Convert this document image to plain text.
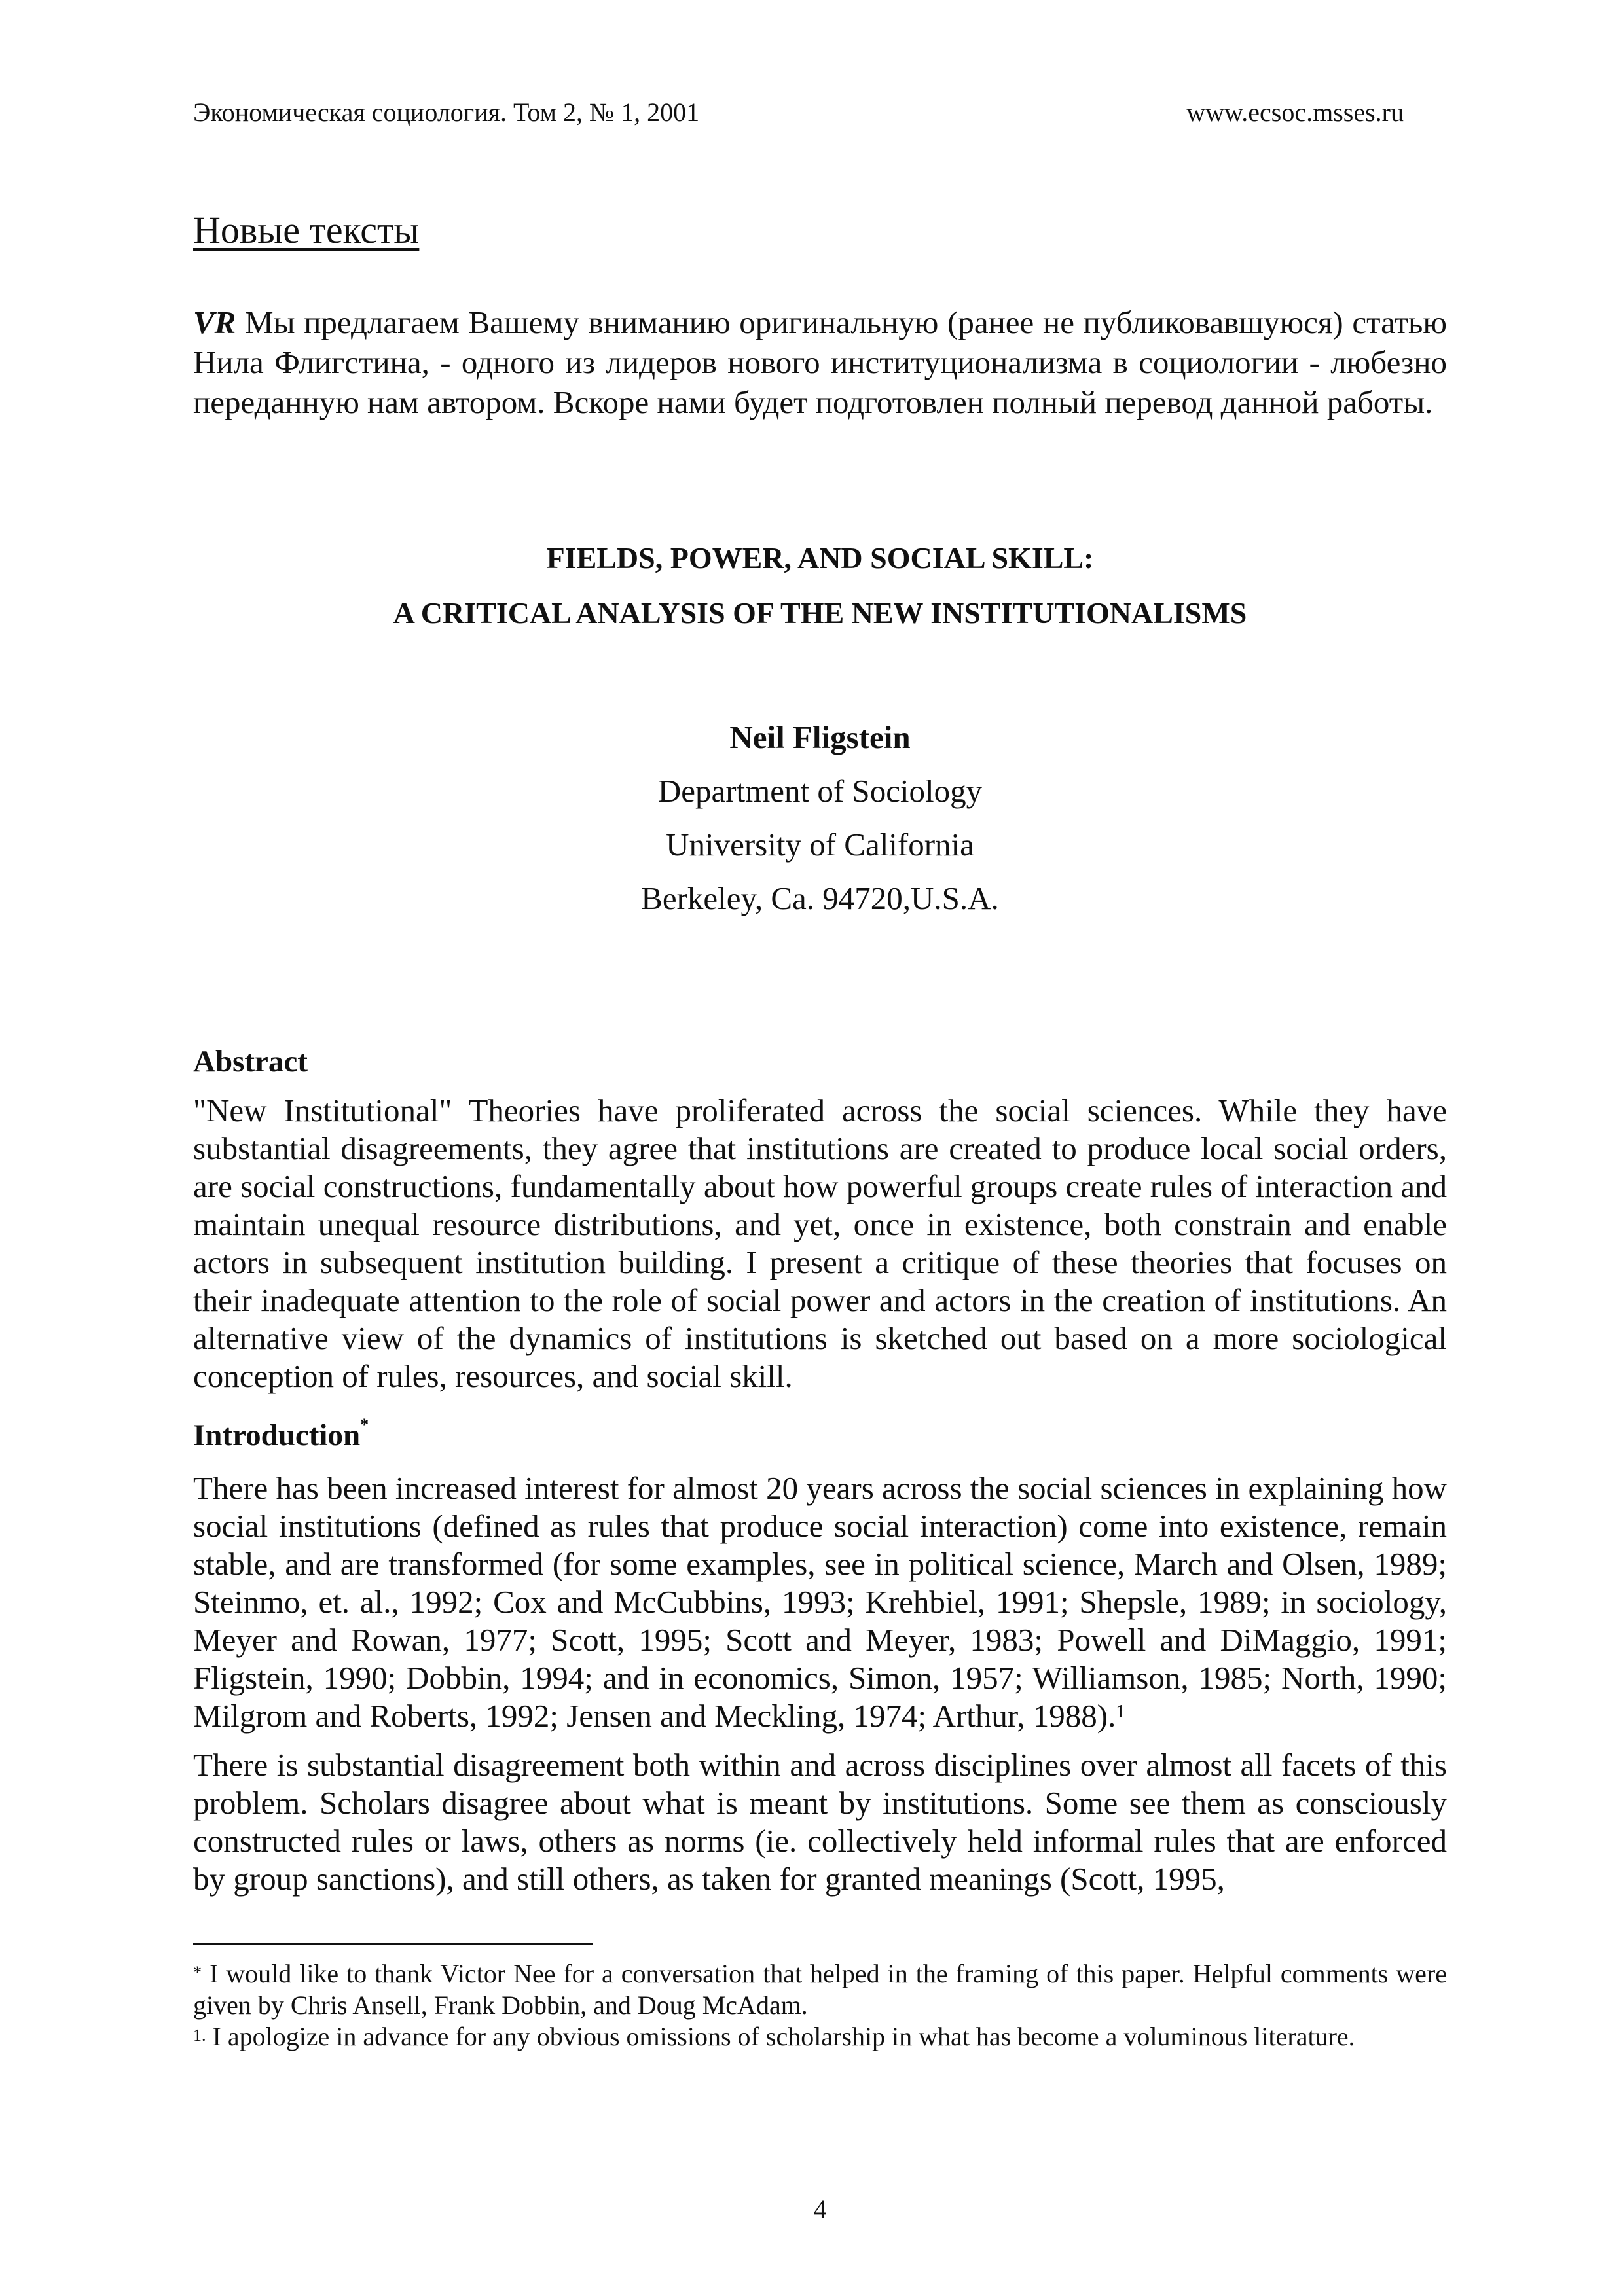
Экономическая социология. Том 2, № 1, 2001	www.ecsoc.msses.ru
Новые тексты
VR Мы предлагаем Вашему вниманию оригинальную (ранее не публиковавшуюся) статью Нила Флигстина, - одного из лидеров нового институционализма в социологии - любезно переданную нам автором. Вскоре нами будет подготовлен полный перевод данной работы.
FIELDS, POWER, AND SOCIAL SKILL:
A CRITICAL ANALYSIS OF THE NEW INSTITUTIONALISMS
Neil Fligstein
Department of Sociology
University of California
Berkeley, Ca. 94720,U.S.A.
Abstract
"New Institutional" Theories have proliferated across the social sciences. While they have substantial disagreements, they agree that institutions are created to produce local social orders, are social constructions, fundamentally about how powerful groups create rules of interaction and maintain unequal resource distributions, and yet, once in existence, both constrain and enable actors in subsequent institution building. I present a critique of these theories that focuses on their inadequate attention to the role of social power and actors in the creation of institutions. An alternative view of the dynamics of institutions is sketched out based on a more sociological conception of rules, resources, and social skill.
Introduction*
There has been increased interest for almost 20 years across the social sciences in explaining how social institutions (defined as rules that produce social interaction) come into existence, remain stable, and are transformed (for some examples, see in political science, March and Olsen, 1989; Steinmo, et. al., 1992; Cox and McCubbins, 1993; Krehbiel, 1991; Shepsle, 1989; in sociology, Meyer and Rowan, 1977; Scott, 1995; Scott and Meyer, 1983; Powell and DiMaggio, 1991; Fligstein, 1990; Dobbin, 1994; and in economics, Simon, 1957; Williamson, 1985; North, 1990; Milgrom and Roberts, 1992; Jensen and Meckling, 1974; Arthur, 1988).$^1$
There is substantial disagreement both within and across disciplines over almost all facets of this problem. Scholars disagree about what is meant by institutions. Some see them as consciously constructed rules or laws, others as norms (ie. collectively held informal rules that are enforced by group sanctions), and still others, as taken for granted meanings (Scott, 1995,
* I would like to thank Victor Nee for a conversation that helped in the framing of this paper. Helpful comments were given by Chris Ansell, Frank Dobbin, and Doug McAdam.
$^{1.}$ I apologize in advance for any obvious omissions of scholarship in what has become a voluminous literature.
4
